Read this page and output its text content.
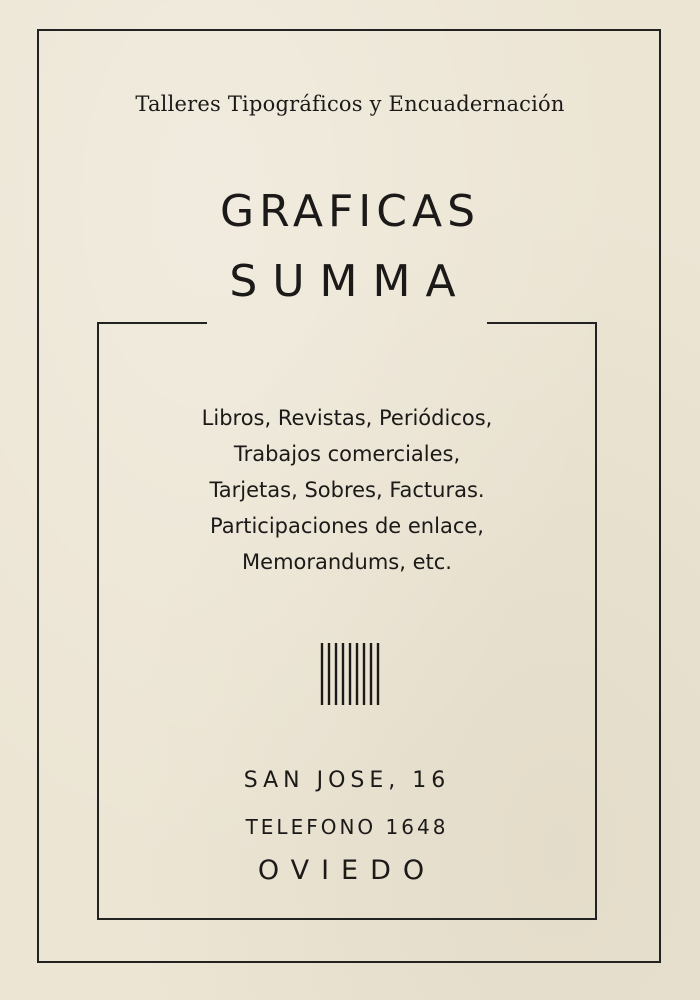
Talleres Tipográficos y Encuadernación
GRAFICAS
SUMMA
Libros, Revistas, Periódicos,
Trabajos comerciales,
Tarjetas, Sobres, Facturas.
Participaciones de enlace,
Memorandums, etc.
SAN JOSE, 16
TELEFONO 1648
OVIEDO
